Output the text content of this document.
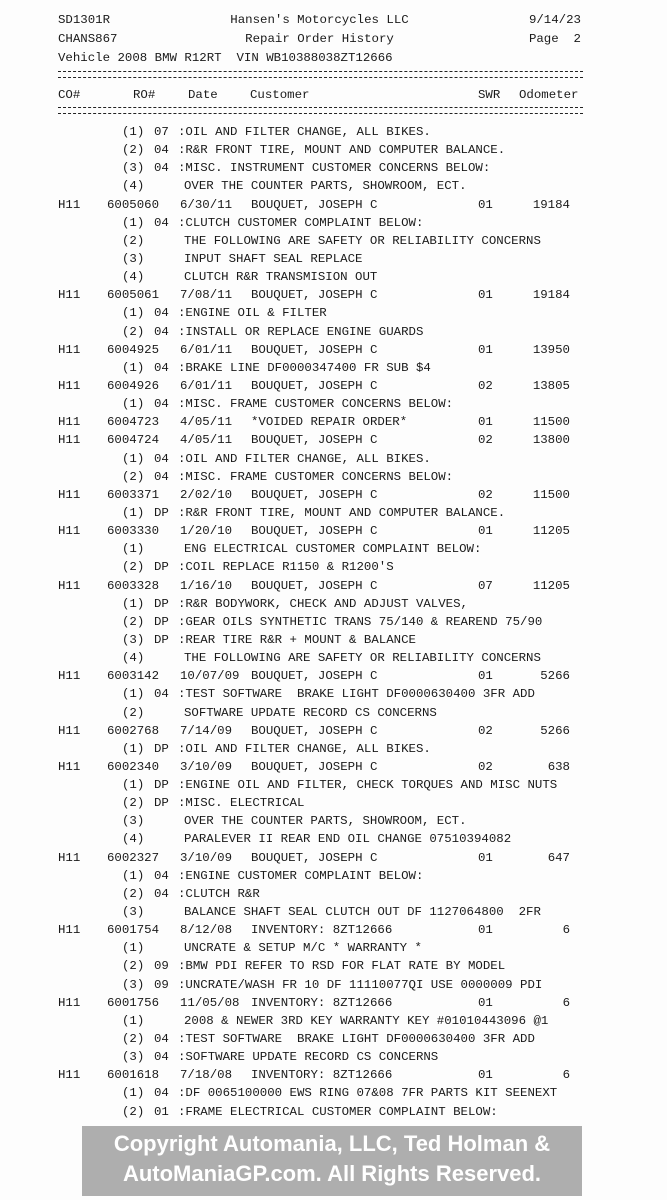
SD1301R

	Hansen's Motorcycles LLC

	9/14/23

CHANS867

	Repair Order History

	Page  2

Vehicle 2008 BMW R12RT  VIN WB10388038ZT12666

CO#	RO#	Date	Customer	SWR Odometer
(1) 07 :OIL AND FILTER CHANGE, ALL BIKES.
(2) 04 :R&R FRONT TIRE, MOUNT AND COMPUTER BALANCE.
(3) 04 :MISC. INSTRUMENT CUSTOMER CONCERNS BELOW:
(4)	OVER THE COUNTER PARTS, SHOWROOM, ECT.
H11 6005060 6/30/11 BOUQUET, JOSEPH C	01	19184
(1) 04 :CLUTCH CUSTOMER COMPLAINT BELOW:
(2)	THE FOLLOWING ARE SAFETY OR RELIABILITY CONCERNS
(3)	INPUT SHAFT SEAL REPLACE
(4)	CLUTCH R&R TRANSMISION OUT
H11 6005061 7/08/11 BOUQUET, JOSEPH C	01	19184
(1) 04 :ENGINE OIL & FILTER
(2) 04 :INSTALL OR REPLACE ENGINE GUARDS
H11 6004925 6/01/11 BOUQUET, JOSEPH C	01	13950
(1) 04 :BRAKE LINE DF0000347400 FR SUB $4
H11 6004926 6/01/11 BOUQUET, JOSEPH C	02	13805
(1) 04 :MISC. FRAME CUSTOMER CONCERNS BELOW:
H11 6004723 4/05/11 *VOIDED REPAIR ORDER*	01	11500
H11 6004724 4/05/11 BOUQUET, JOSEPH C	02	13800
(1) 04 :OIL AND FILTER CHANGE, ALL BIKES.
(2) 04 :MISC. FRAME CUSTOMER CONCERNS BELOW:
H11 6003371 2/02/10 BOUQUET, JOSEPH C	02	11500
(1) DP :R&R FRONT TIRE, MOUNT AND COMPUTER BALANCE.
H11 6003330 1/20/10 BOUQUET, JOSEPH C	01	11205
(1)	ENG ELECTRICAL CUSTOMER COMPLAINT BELOW:
(2) DP :COIL REPLACE R1150 & R1200'S
H11 6003328 1/16/10 BOUQUET, JOSEPH C	07	11205
(1) DP :R&R BODYWORK, CHECK AND ADJUST VALVES,
(2) DP :GEAR OILS SYNTHETIC TRANS 75/140 & REAREND 75/90
(3) DP :REAR TIRE R&R + MOUNT & BALANCE
(4)	THE FOLLOWING ARE SAFETY OR RELIABILITY CONCERNS
H11 6003142 10/07/09 BOUQUET, JOSEPH C	01	5266
(1) 04 :TEST SOFTWARE  BRAKE LIGHT DF0000630400 3FR ADD
(2)	SOFTWARE UPDATE RECORD CS CONCERNS
H11 6002768 7/14/09 BOUQUET, JOSEPH C	02	5266
(1) DP :OIL AND FILTER CHANGE, ALL BIKES.
H11 6002340 3/10/09 BOUQUET, JOSEPH C	02	638
(1) DP :ENGINE OIL AND FILTER, CHECK TORQUES AND MISC NUTS
(2) DP :MISC. ELECTRICAL
(3)	OVER THE COUNTER PARTS, SHOWROOM, ECT.
(4)	PARALEVER II REAR END OIL CHANGE 07510394082
H11 6002327 3/10/09 BOUQUET, JOSEPH C	01	647
(1) 04 :ENGINE CUSTOMER COMPLAINT BELOW:
(2) 04 :CLUTCH R&R
(3)	BALANCE SHAFT SEAL CLUTCH OUT DF 1127064800  2FR
H11 6001754 8/12/08 INVENTORY: 8ZT12666	01	6
(1)	UNCRATE & SETUP M/C * WARRANTY *
(2) 09 :BMW PDI REFER TO RSD FOR FLAT RATE BY MODEL
(3) 09 :UNCRATE/WASH FR 10 DF 11110077QI USE 0000009 PDI
H11 6001756 11/05/08 INVENTORY: 8ZT12666	01	6
(1)	2008 & NEWER 3RD KEY WARRANTY KEY #01010443096 @1
(2) 04 :TEST SOFTWARE  BRAKE LIGHT DF0000630400 3FR ADD
(3) 04 :SOFTWARE UPDATE RECORD CS CONCERNS
H11 6001618 7/18/08 INVENTORY: 8ZT12666	01	6
(1) 04 :DF 0065100000 EWS RING 07&08 7FR PARTS KIT SEENEXT
(2) 01 :FRAME ELECTRICAL CUSTOMER COMPLAINT BELOW:
Copyright Automania, LLC, Ted Holman &
AutoManiaGP.com. All Rights Reserved.
